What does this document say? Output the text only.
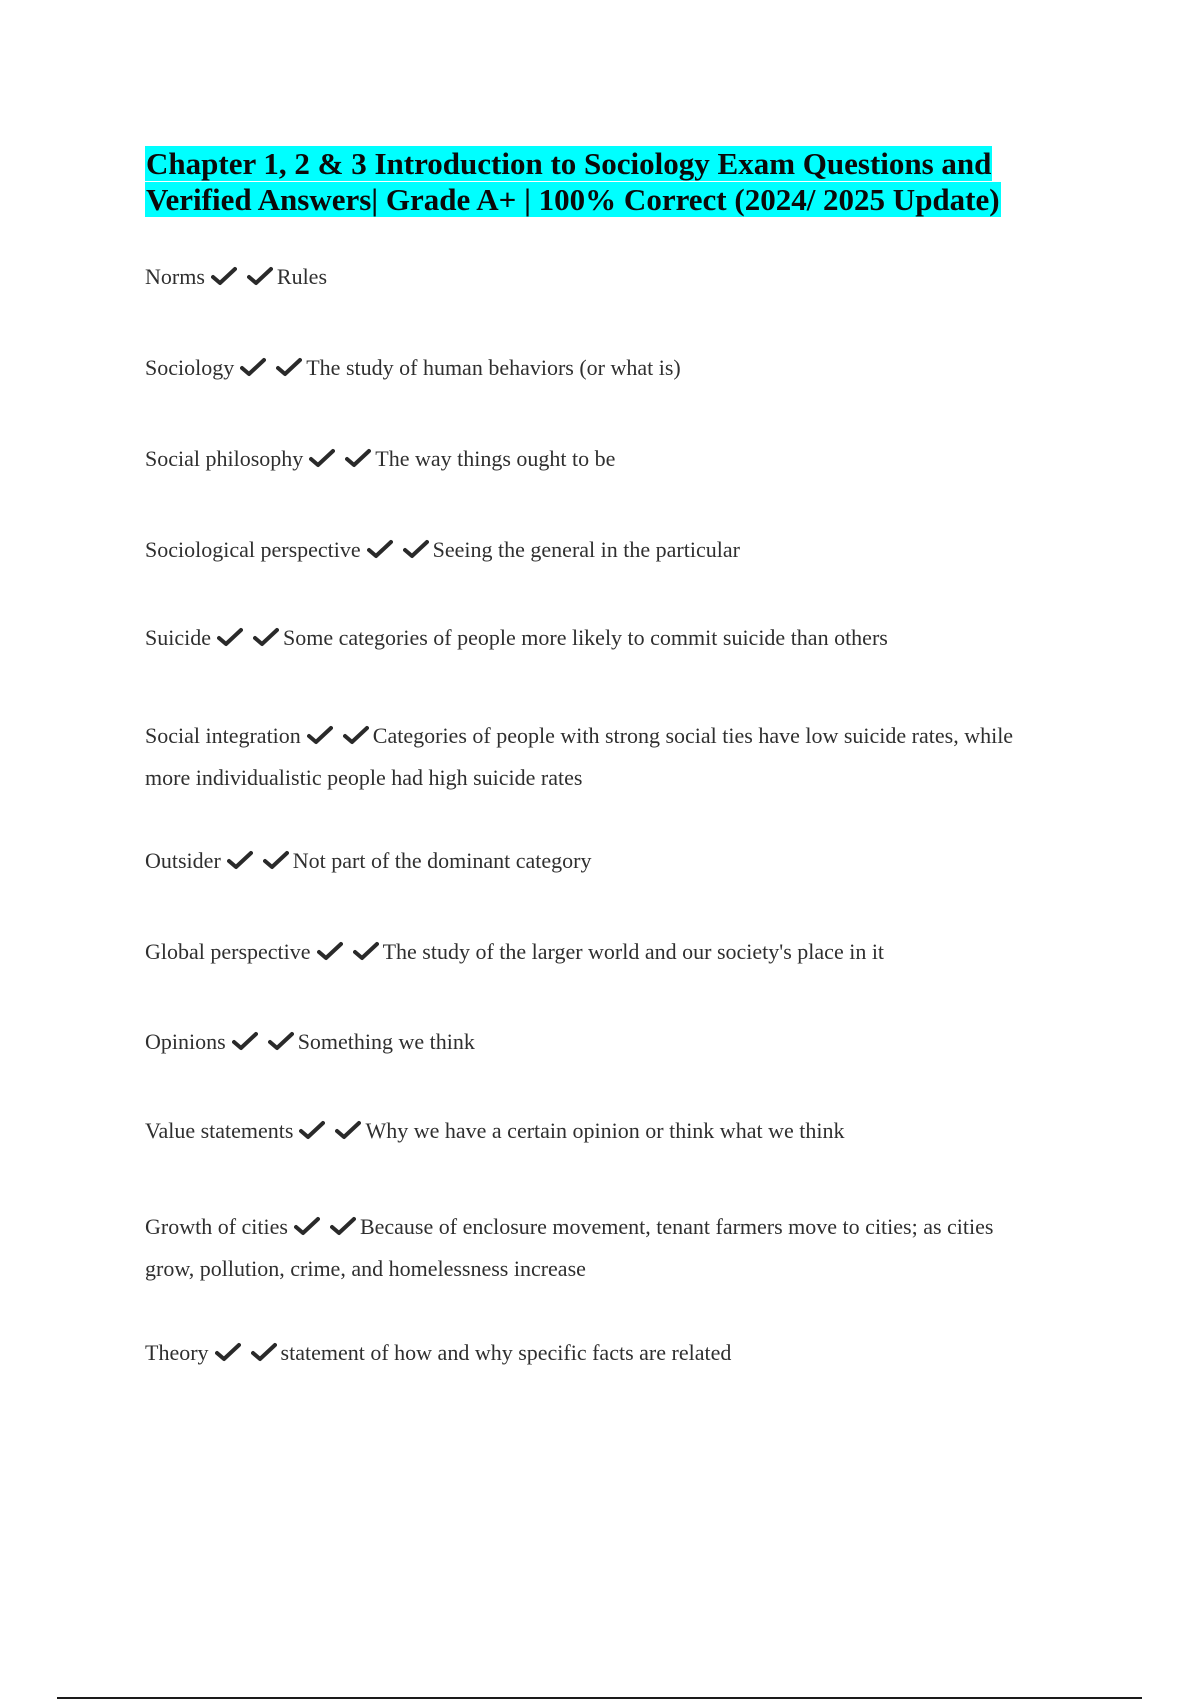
Chapter 1, 2 & 3 Introduction to Sociology Exam Questions and Verified Answers| Grade A+ | 100% Correct (2024/ 2025 Update)
Norms	Rules
Sociology	The study of human behaviors (or what is)
Social philosophy	The way things ought to be
Sociological perspective	Seeing the general in the particular
Suicide	Some categories of people more likely to commit suicide than others
Social integration	Categories of people with strong social ties have low suicide rates, while more individualistic people had high suicide rates
Outsider	Not part of the dominant category
Global perspective	The study of the larger world and our society's place in it
Opinions	Something we think
Value statements	Why we have a certain opinion or think what we think
Growth of cities	Because of enclosure movement, tenant farmers move to cities; as cities grow, pollution, crime, and homelessness increase
Theory	statement of how and why specific facts are related
